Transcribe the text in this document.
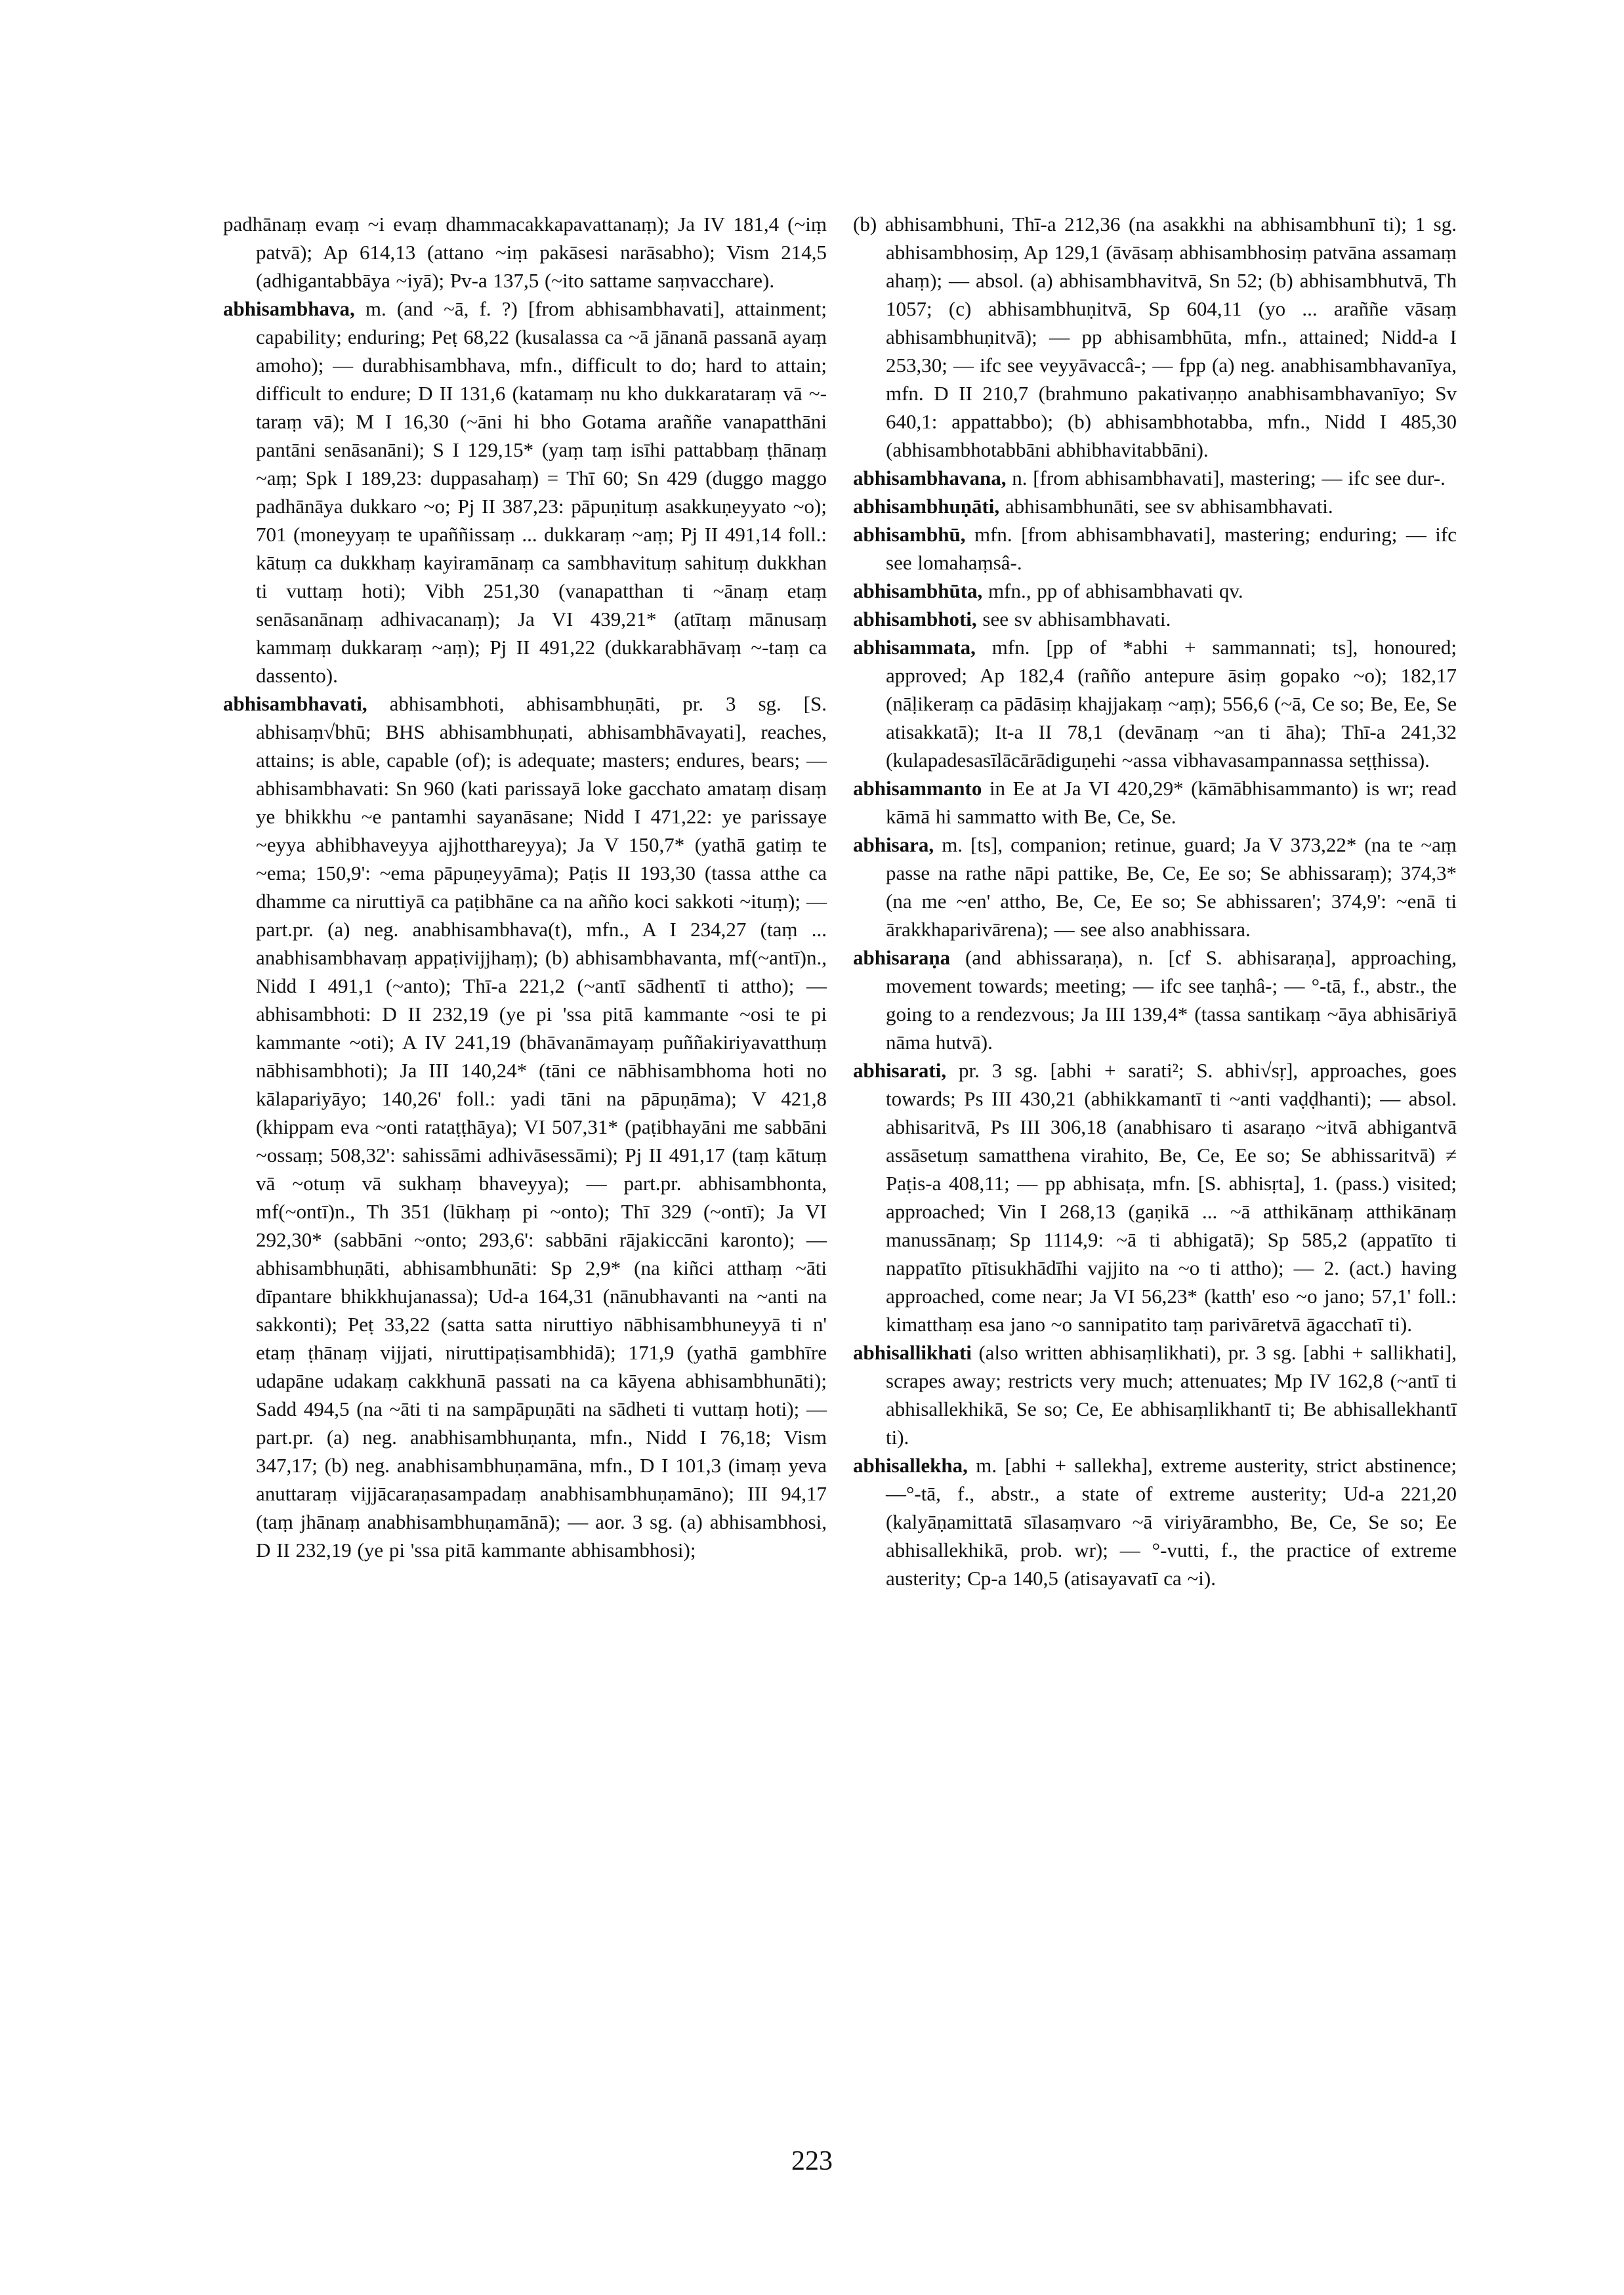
padhānaṃ evaṃ ~i evaṃ dhammacakkapavattanaṃ); Ja IV 181,4 (~iṃ patvā); Ap 614,13 (attano ~iṃ pakāsesi narāsabho); Vism 214,5 (adhigantabbāya ~iyā); Pv-a 137,5 (~ito sattame saṃvacchare).

abhisambhava, m. (and ~ā, f. ?) [from abhisambhavati], attainment; capability; enduring; Peṭ 68,22 (kusalassa ca ~ā jānanā passanā ayaṃ amoho); — durabhisambhava, mfn., difficult to do; hard to attain; difficult to endure; D II 131,6 (katamaṃ nu kho dukkarataraṃ vā ~-taraṃ vā); M I 16,30 (~āni hi bho Gotama araññe vanapatthāni pantāni senāsanāni); S I 129,15* (yaṃ taṃ isīhi pattabbaṃ ṭhānaṃ ~aṃ; Spk I 189,23: duppasahaṃ) = Thī 60; Sn 429 (duggo maggo padhānāya dukkaro ~o; Pj II 387,23: pāpuṇituṃ asakkuṇeyyato ~o); 701 (moneyyaṃ te upaññissaṃ ... dukkaraṃ ~aṃ; Pj II 491,14 foll.: kātuṃ ca dukkhaṃ kayiramānaṃ ca sambhavituṃ sahituṃ dukkhan ti vuttaṃ hoti); Vibh 251,30 (vanapatthan ti ~ānaṃ etaṃ senāsanānaṃ adhivacanaṃ); Ja VI 439,21* (atītaṃ mānusaṃ kammaṃ dukkaraṃ ~aṃ); Pj II 491,22 (dukkarabhāvaṃ ~-taṃ ca dassento).

abhisambhavati, abhisambhoti, abhisambhuṇāti, pr. 3 sg. [S. abhisaṃ√bhū; BHS abhisambhuṇati, abhisambhāvayati], reaches, attains; is able, capable (of); is adequate; masters; endures, bears; — abhisambhavati: Sn 960 (kati parissayā loke gacchato amataṃ disaṃ ye bhikkhu ~e pantamhi sayanāsane; Nidd I 471,22: ye parissaye ~eyya abhibhaveyya ajjhotthareyya); Ja V 150,7* (yathā gatiṃ te ~ema; 150,9': ~ema pāpuṇeyyāma); Paṭis II 193,30 (tassa atthe ca dhamme ca niruttiyā ca paṭibhāne ca na añño koci sakkoti ~ituṃ); — part.pr. (a) neg. anabhisambhava(t), mfn., A I 234,27 (taṃ ... anabhisambhavaṃ appaṭivijjhaṃ); (b) abhisambhavanta, mf(~antī)n., Nidd I 491,1 (~anto); Thī-a 221,2 (~antī sādhentī ti attho); — abhisambhoti: D II 232,19 (ye pi 'ssa pitā kammante ~osi te pi kammante ~oti); A IV 241,19 (bhāvanāmayaṃ puññakiriyavatthuṃ nābhisambhoti); Ja III 140,24* (tāni ce nābhisambhoma hoti no kālapariyāyo; 140,26' foll.: yadi tāni na pāpuṇāma); V 421,8 (khippam eva ~onti rataṭṭhāya); VI 507,31* (paṭibhayāni me sabbāni ~ossaṃ; 508,32': sahissāmi adhivāsessāmi); Pj II 491,17 (taṃ kātuṃ vā ~otuṃ vā sukhaṃ bhaveyya); — part.pr. abhisambhonta, mf(~ontī)n., Th 351 (lūkhaṃ pi ~onto); Thī 329 (~ontī); Ja VI 292,30* (sabbāni ~onto; 293,6': sabbāni rājakiccāni karonto); — abhisambhuṇāti, abhisambhunāti: Sp 2,9* (na kiñci atthaṃ ~āti dīpantare bhikkhujanassa); Ud-a 164,31 (nānubhavanti na ~anti na sakkonti); Peṭ 33,22 (satta satta niruttiyo nābhisambhuneyyā ti n' etaṃ ṭhānaṃ vijjati, niruttipaṭisambhidā); 171,9 (yathā gambhīre udapāne udakaṃ cakkhunā passati na ca kāyena abhisambhunāti); Sadd 494,5 (na ~āti ti na sampāpuṇāti na sādheti ti vuttaṃ hoti); — part.pr. (a) neg. anabhisambhuṇanta, mfn., Nidd I 76,18; Vism 347,17; (b) neg. anabhisambhuṇamāna, mfn., D I 101,3 (imaṃ yeva anuttaraṃ vijjācaraṇasampadaṃ anabhisambhuṇamāno); III 94,17 (taṃ jhānaṃ anabhisambhuṇamānā); — aor. 3 sg. (a) abhisambhosi, D II 232,19 (ye pi 'ssa pitā kammante abhisambhosi);

(b) abhisambhuni, Thī-a 212,36 (na asakkhi na abhisambhunī ti); 1 sg. abhisambhosiṃ, Ap 129,1 (āvāsaṃ abhisambhosiṃ patvāna assamaṃ ahaṃ); — absol. (a) abhisambhavitvā, Sn 52; (b) abhisambhutvā, Th 1057; (c) abhisambhuṇitvā, Sp 604,11 (yo ... araññe vāsaṃ abhisambhuṇitvā); — pp abhisambhūta, mfn., attained; Nidd-a I 253,30; — ifc see veyyāvaccâ-; — fpp (a) neg. anabhisambhavanīya, mfn. D II 210,7 (brahmuno pakativaṇṇo anabhisambhavanīyo; Sv 640,1: appattabbo); (b) abhisambhotabba, mfn., Nidd I 485,30 (abhisambhotabbāni abhibhavitabbāni).

abhisambhavana, n. [from abhisambhavati], mastering; — ifc see dur-.

abhisambhuṇāti, abhisambhunāti, see sv abhisambhavati.

abhisambhū, mfn. [from abhisambhavati], mastering; enduring; — ifc see lomahaṃsâ-.

abhisambhūta, mfn., pp of abhisambhavati qv.

abhisambhoti, see sv abhisambhavati.

abhisammata, mfn. [pp of *abhi + sammannati; ts], honoured; approved; Ap 182,4 (rañño antepure āsiṃ gopako ~o); 182,17 (nāḷikeraṃ ca pādāsiṃ khajjakaṃ ~aṃ); 556,6 (~ā, Ce so; Be, Ee, Se atisakkatā); It-a II 78,1 (devānaṃ ~an ti āha); Thī-a 241,32 (kulapadesasīlācārādiguṇehi ~assa vibhavasampannassa seṭṭhissa).

abhisammanto in Ee at Ja VI 420,29* (kāmābhisammanto) is wr; read kāmā hi sammatto with Be, Ce, Se.

abhisara, m. [ts], companion; retinue, guard; Ja V 373,22* (na te ~aṃ passe na rathe nāpi pattike, Be, Ce, Ee so; Se abhissaraṃ); 374,3* (na me ~en' attho, Be, Ce, Ee so; Se abhissaren'; 374,9': ~enā ti ārakkhaparivārena); — see also anabhissara.

abhisaraṇa (and abhissaraṇa), n. [cf S. abhisaraṇa], approaching, movement towards; meeting; — ifc see taṇhâ-; — °-tā, f., abstr., the going to a rendezvous; Ja III 139,4* (tassa santikaṃ ~āya abhisāriyā nāma hutvā).

abhisarati, pr. 3 sg. [abhi + sarati²; S. abhi√sṛ], approaches, goes towards; Ps III 430,21 (abhikkamantī ti ~anti vaḍḍhanti); — absol. abhisaritvā, Ps III 306,18 (anabhisaro ti asaraṇo ~itvā abhigantvā assāsetuṃ samatthena virahito, Be, Ce, Ee so; Se abhissaritvā) ≠ Paṭis-a 408,11; — pp abhisaṭa, mfn. [S. abhisṛta], 1. (pass.) visited; approached; Vin I 268,13 (gaṇikā ... ~ā atthikānaṃ atthikānaṃ manussānaṃ; Sp 1114,9: ~ā ti abhigatā); Sp 585,2 (appatīto ti nappatīto pītisukhādīhi vajjito na ~o ti attho); — 2. (act.) having approached, come near; Ja VI 56,23* (katth' eso ~o jano; 57,1' foll.: kimatthaṃ esa jano ~o sannipatito taṃ parivāretvā āgacchatī ti).

abhisallikhati (also written abhisaṃlikhati), pr. 3 sg. [abhi + sallikhati], scrapes away; restricts very much; attenuates; Mp IV 162,8 (~antī ti abhisallekhikā, Se so; Ce, Ee abhisaṃlikhantī ti; Be abhisallekhantī ti).

abhisallekha, m. [abhi + sallekha], extreme austerity, strict abstinence; —°-tā, f., abstr., a state of extreme austerity; Ud-a 221,20 (kalyāṇamittatā sīlasaṃvaro ~ā viriyārambho, Be, Ce, Se so; Ee abhisallekhikā, prob. wr); — °-vutti, f., the practice of extreme austerity; Cp-a 140,5 (atisayavatī ca ~i).

223
